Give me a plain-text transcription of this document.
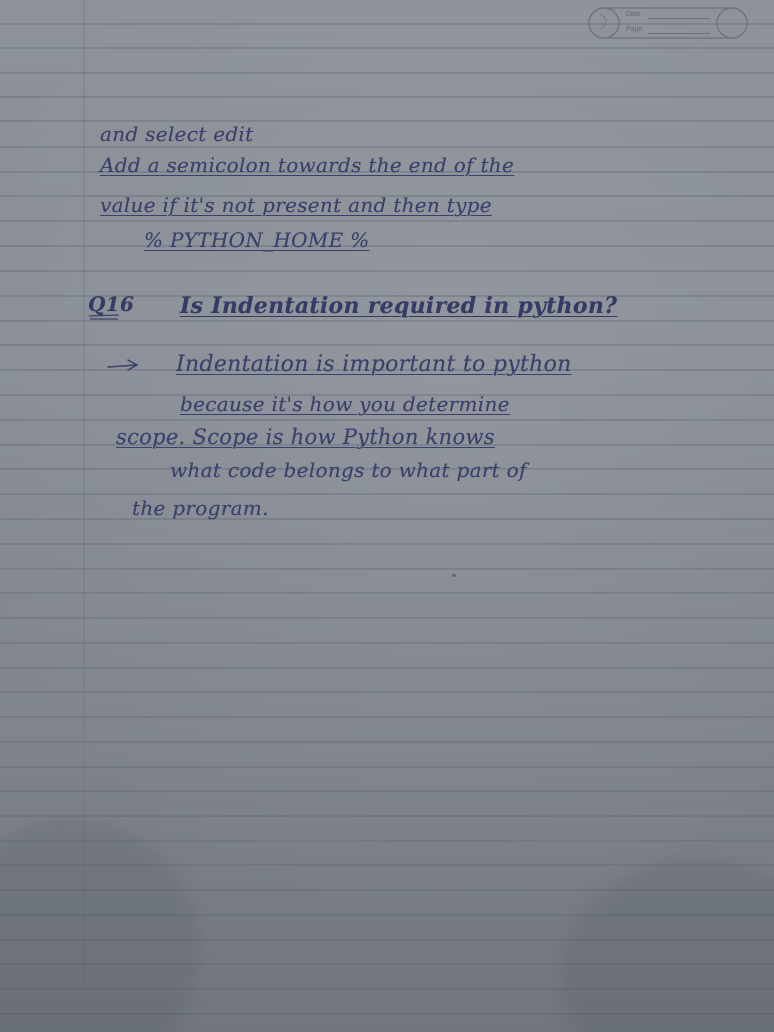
Date
Page
and select edit
Add a semicolon towards the end of the
value if it's not present and then type
% PYTHON_HOME %
Q16 Is Indentation required in python?
Indentation is important to python
because it's how you determine
scope. Scope is how Python knows
what code belongs to what part of
the program.
